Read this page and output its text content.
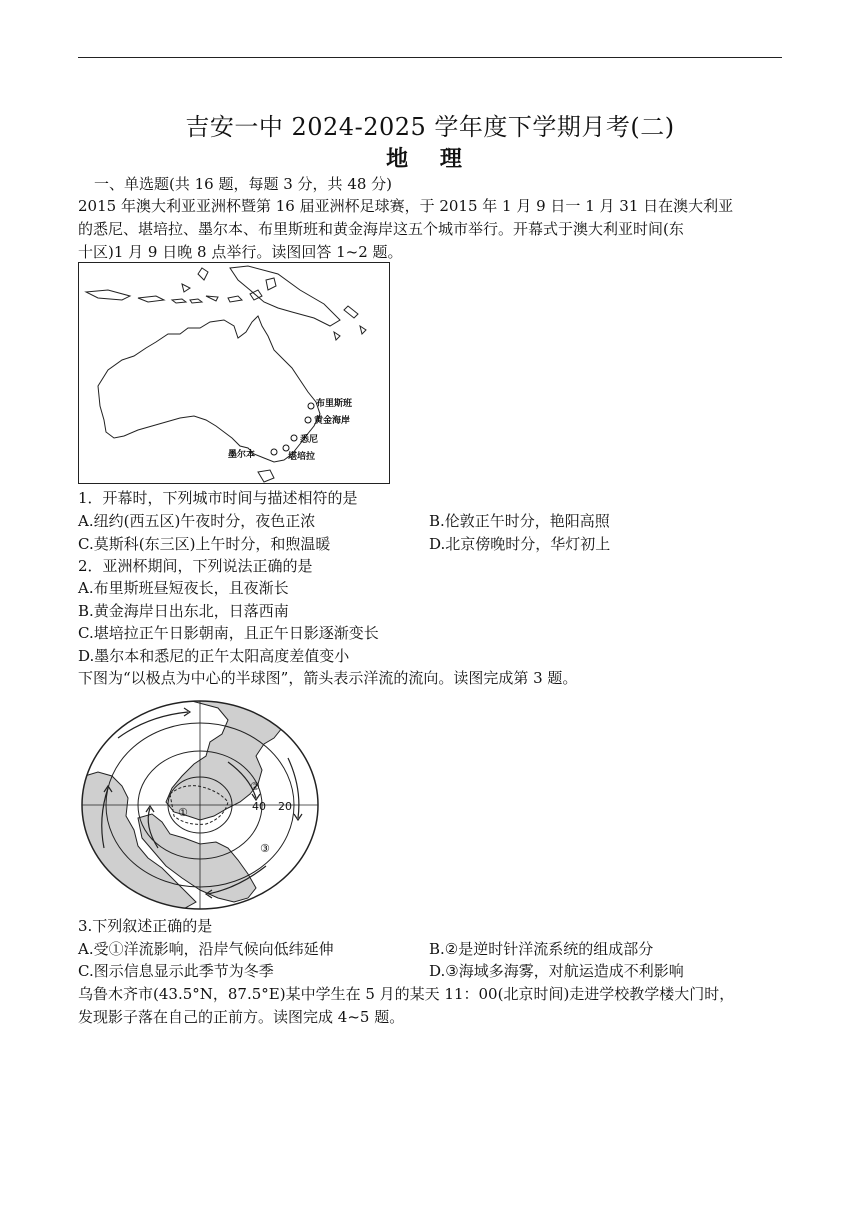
吉安一中 2024-2025 学年度下学期月考(二)
地 理
一、单选题(共 16 题，每题 3 分，共 48 分)
2015 年澳大利亚亚洲杯暨第 16 届亚洲杯足球赛，于 2015 年 1 月 9 日一 1 月 31 日在澳大利亚
的悉尼、堪培拉、墨尔本、布里斯班和黄金海岸这五个城市举行。开幕式于澳大利亚时间(东
十区)1 月 9 日晚 8 点举行。读图回答 1~2 题。
布里斯班
黄金海岸
悉尼
墨尔本	堪培拉
1．开幕时，下列城市时间与描述相符的是
A.纽约(西五区)午夜时分，夜色正浓	B.伦敦正午时分，艳阳高照
C.莫斯科(东三区)上午时分，和煦温暖	D.北京傍晚时分，华灯初上
2．亚洲杯期间，下列说法正确的是
A.布里斯班昼短夜长，且夜渐长
B.黄金海岸日出东北，日落西南
C.堪培拉正午日影朝南，且正午日影逐渐变长
D.墨尔本和悉尼的正午太阳高度差值变小
下图为“以极点为中心的半球图”，箭头表示洋流的流向。读图完成第 3 题。
①
②
③
40 20
3.下列叙述正确的是
A.受①洋流影响，沿岸气候向低纬延伸	B.②是逆时针洋流系统的组成部分
C.图示信息显示此季节为冬季	D.③海域多海雾，对航运造成不利影响
乌鲁木齐市(43.5°N，87.5°E)某中学生在 5 月的某天 11：00(北京时间)走进学校教学楼大门时，
发现影子落在自己的正前方。读图完成 4~5 题。
